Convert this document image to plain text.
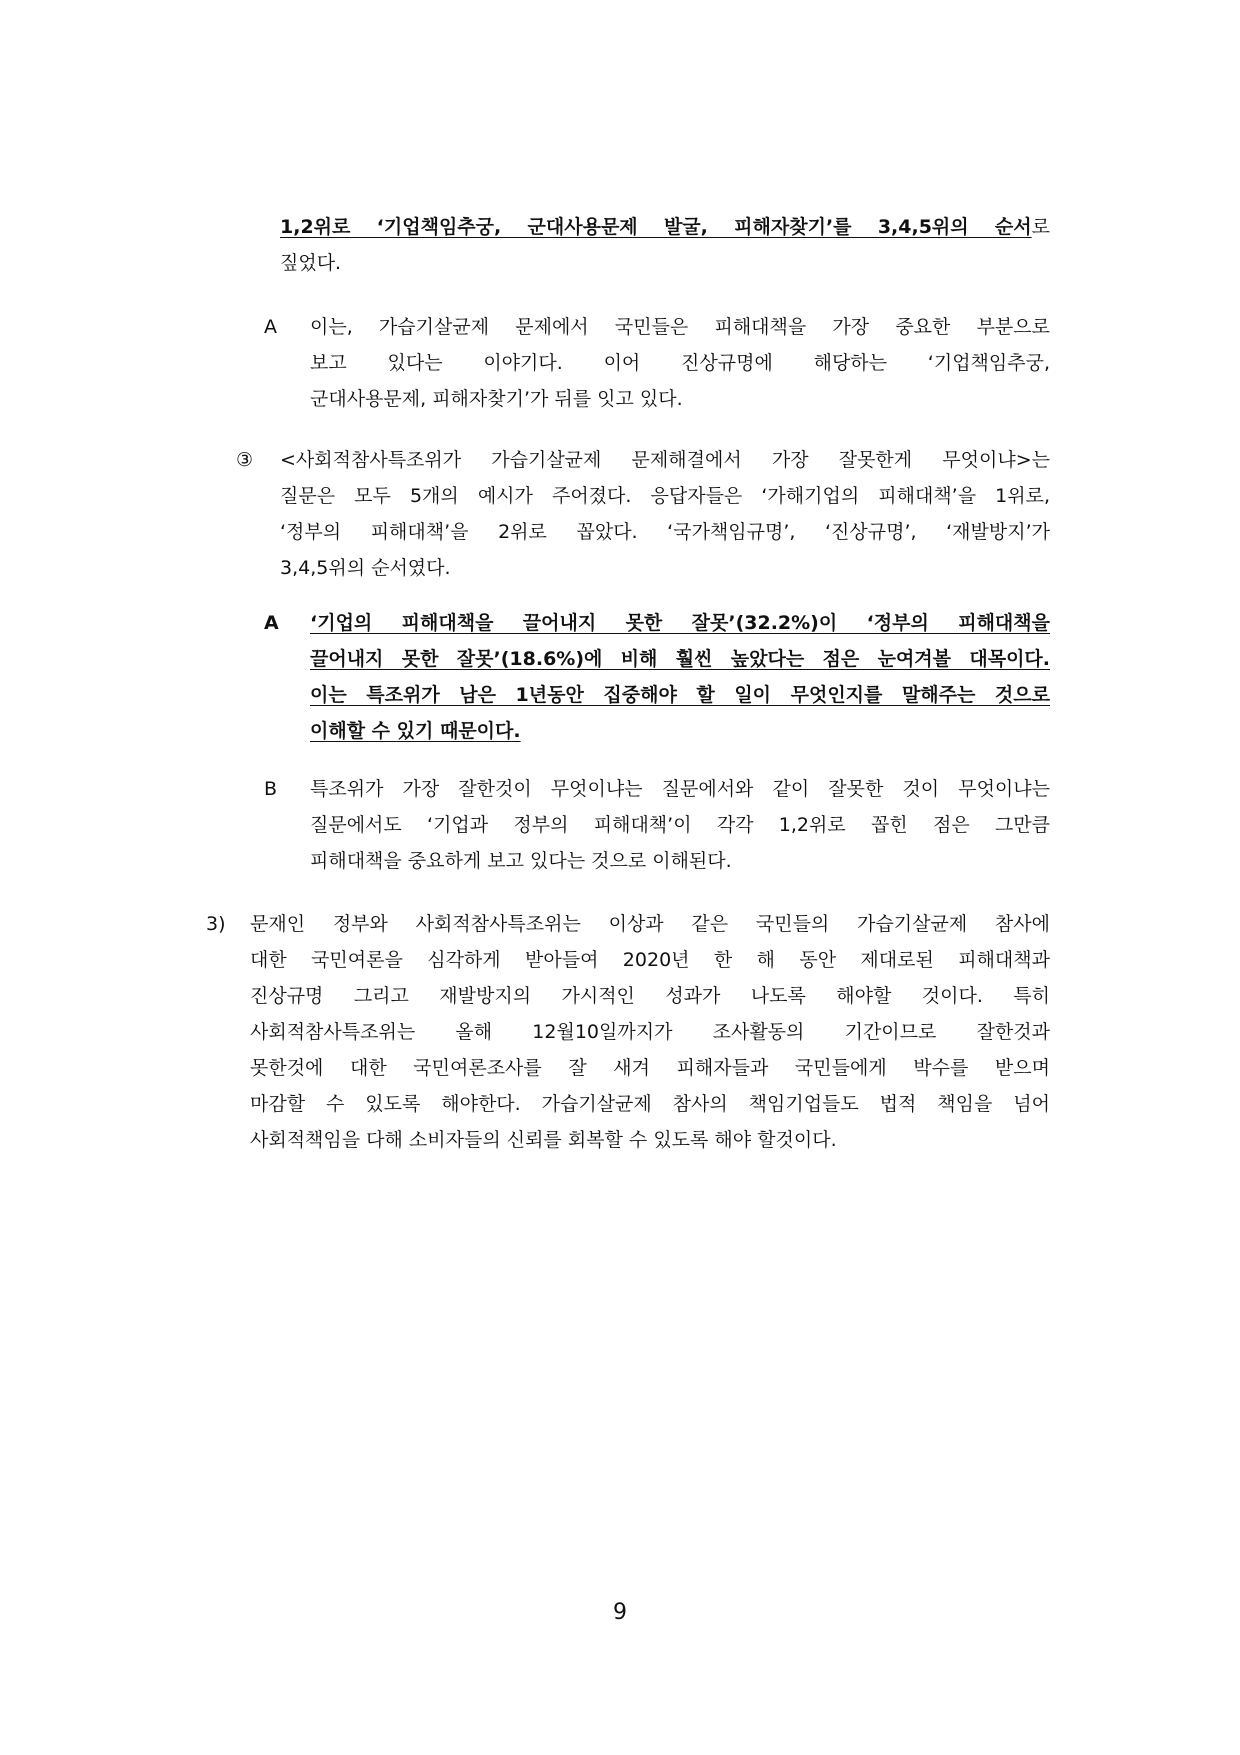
1,2위로 ‘기업책임추궁, 군대사용문제 발굴, 피해자찾기’를 3,4,5위의 순서 로
짚었다.
A 이는, 가습기살균제 문제에서 국민들은 피해대책을 가장 중요한 부분으로
보고 있다는 이야기다. 이어 진상규명에 해당하는 ‘기업책임추궁,
군대사용문제, 피해자찾기’가 뒤를 잇고 있다.
③ <사회적참사특조위가 가습기살균제 문제해결에서 가장 잘못한게 무엇이냐>는
질문은 모두 5개의 예시가 주어졌다. 응답자들은 ‘가해기업의 피해대책’을 1위로,
‘정부의 피해대책’을 2위로 꼽았다. ‘국가책임규명’, ‘진상규명’, ‘재발방지’가
3,4,5위의 순서였다.
A ‘기업의 피해대책을 끌어내지 못한 잘못’(32.2%)이 ‘정부의 피해대책을
끌어내지 못한 잘못’(18.6%)에 비해 훨씬 높았다는 점은 눈여겨볼 대목이다.
이는 특조위가 남은 1년동안 집중해야 할 일이 무엇인지를 말해주는 것으로
이해할 수 있기 때문이다.
B 특조위가 가장 잘한것이 무엇이냐는 질문에서와 같이 잘못한 것이 무엇이냐는
질문에서도 ‘기업과 정부의 피해대책’이 각각 1,2위로 꼽힌 점은 그만큼
피해대책을 중요하게 보고 있다는 것으로 이해된다.
3) 문재인 정부와 사회적참사특조위는 이상과 같은 국민들의 가습기살균제 참사에
대한 국민여론을 심각하게 받아들여 2020년 한 해 동안 제대로된 피해대책과
진상규명 그리고 재발방지의 가시적인 성과가 나도록 해야할 것이다. 특히
사회적참사특조위는 올해 12월10일까지가 조사활동의 기간이므로 잘한것과
못한것에 대한 국민여론조사를 잘 새겨 피해자들과 국민들에게 박수를 받으며
마감할 수 있도록 해야한다. 가습기살균제 참사의 책임기업들도 법적 책임을 넘어
사회적책임을 다해 소비자들의 신뢰를 회복할 수 있도록 해야 할것이다.
9
